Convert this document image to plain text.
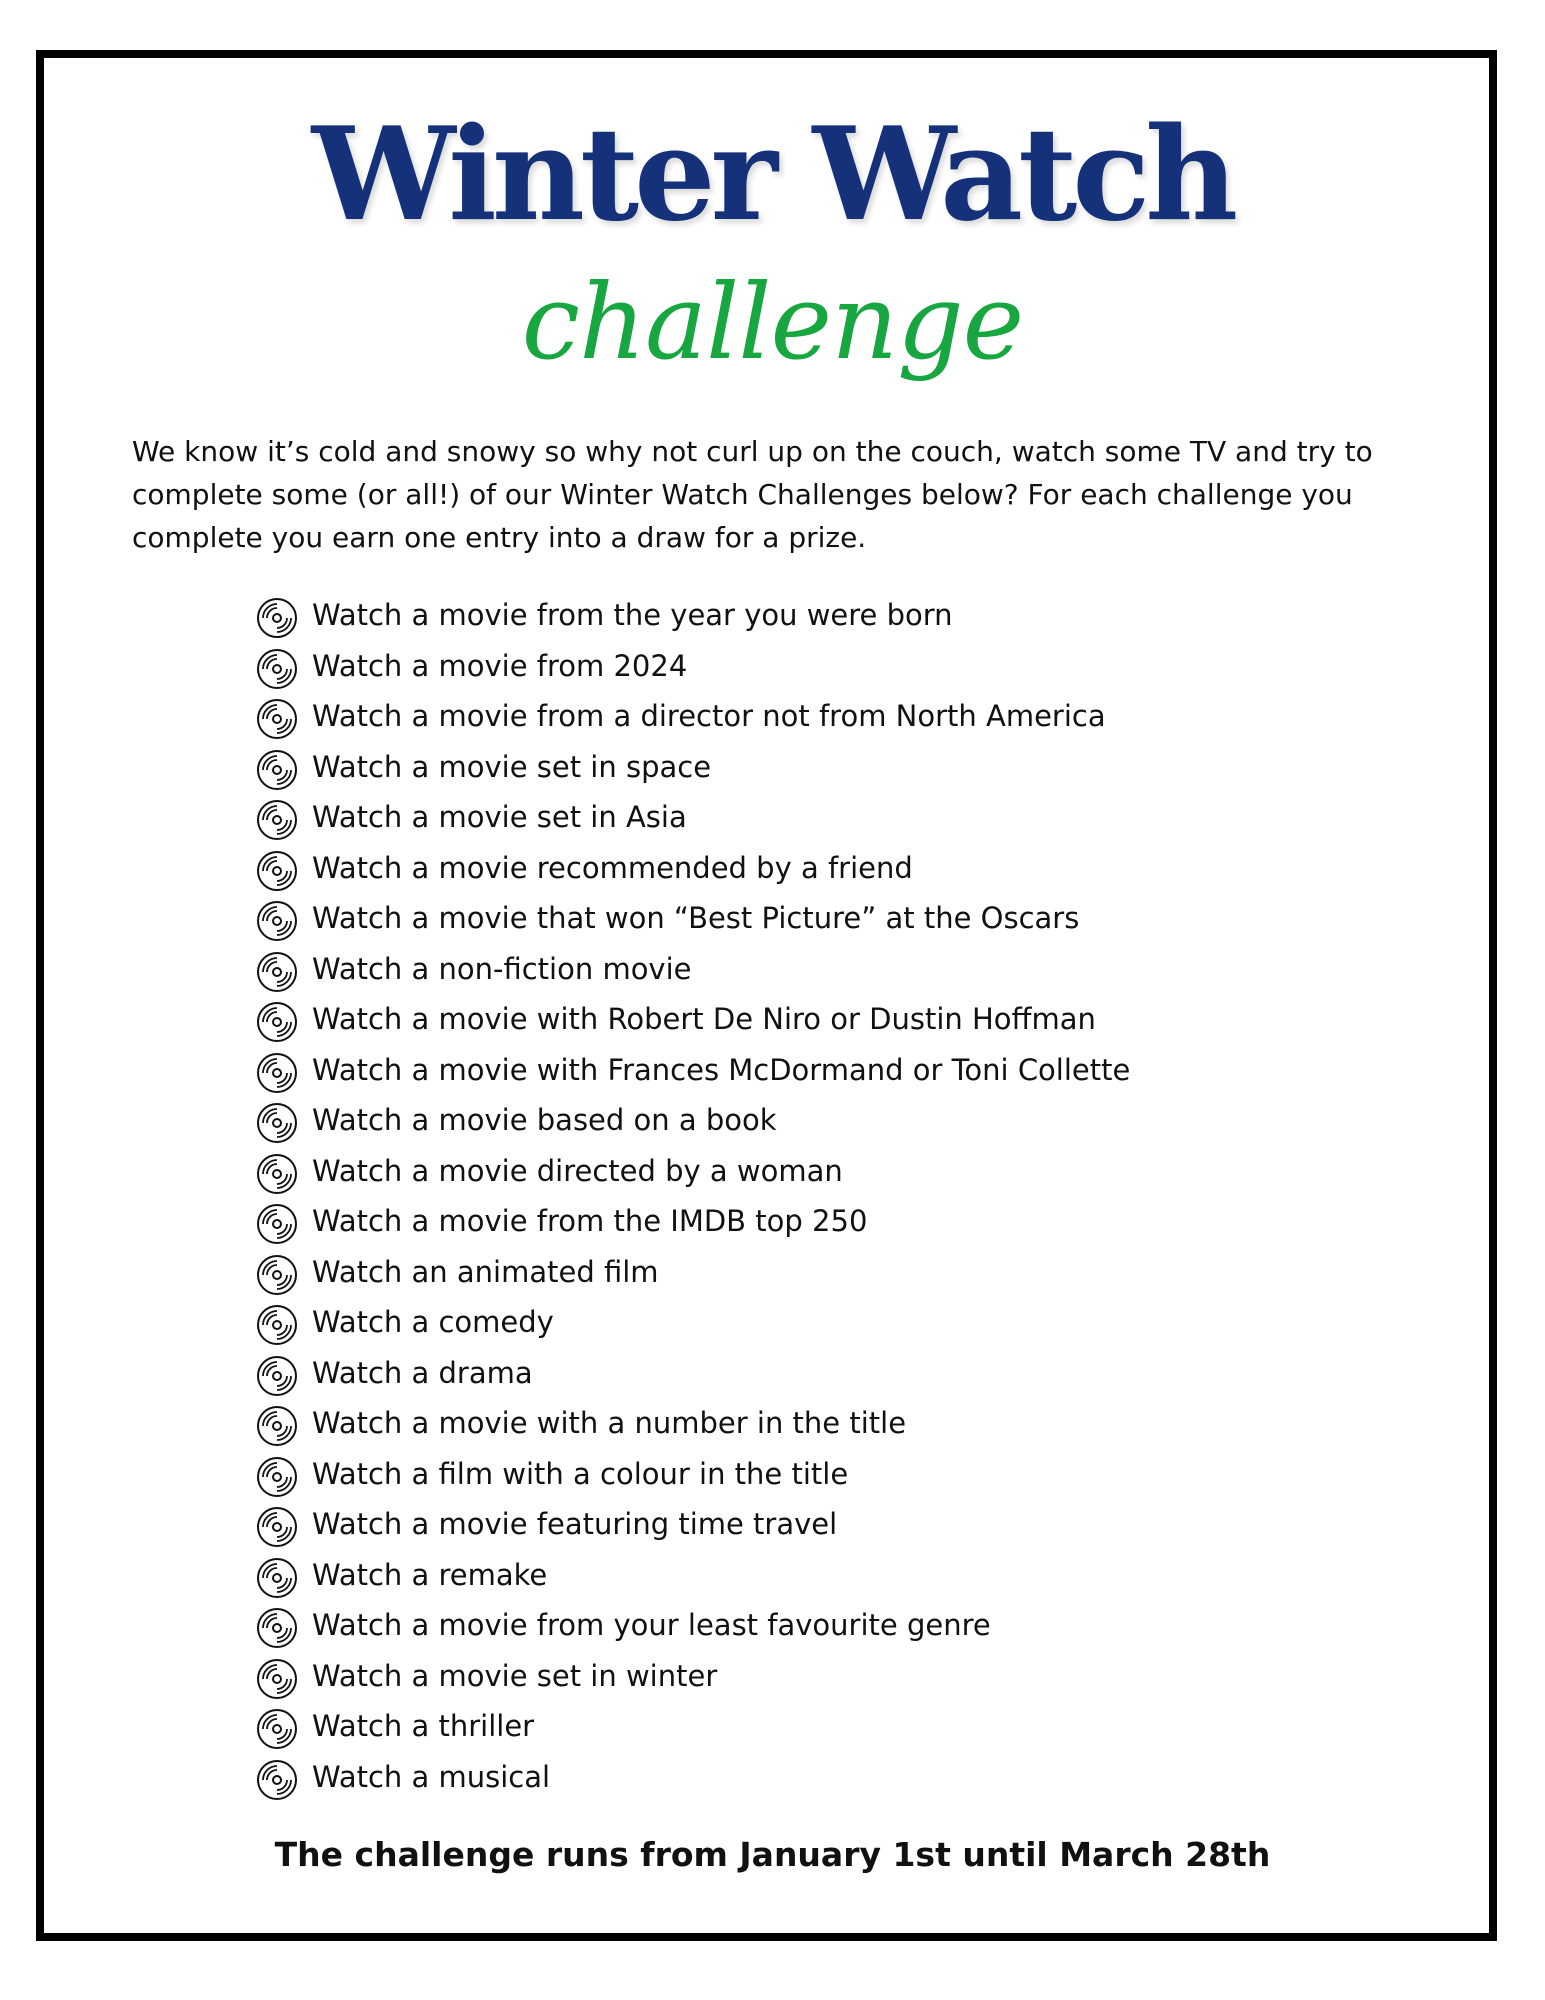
Winter Watch
challenge

We know it’s cold and snowy so why not curl up on the couch, watch some TV and try to complete some (or all!) of our Winter Watch Challenges below? For each challenge you complete you earn one entry into a draw for a prize.

Watch a movie from the year you were born
Watch a movie from 2024
Watch a movie from a director not from North America
Watch a movie set in space
Watch a movie set in Asia
Watch a movie recommended by a friend
Watch a movie that won “Best Picture” at the Oscars
Watch a non-fiction movie
Watch a movie with Robert De Niro or Dustin Hoffman
Watch a movie with Frances McDormand or Toni Collette
Watch a movie based on a book
Watch a movie directed by a woman
Watch a movie from the IMDB top 250
Watch an animated film
Watch a comedy
Watch a drama
Watch a movie with a number in the title
Watch a film with a colour in the title
Watch a movie featuring time travel
Watch a remake
Watch a movie from your least favourite genre
Watch a movie set in winter
Watch a thriller
Watch a musical
The challenge runs from January 1st until March 28th
